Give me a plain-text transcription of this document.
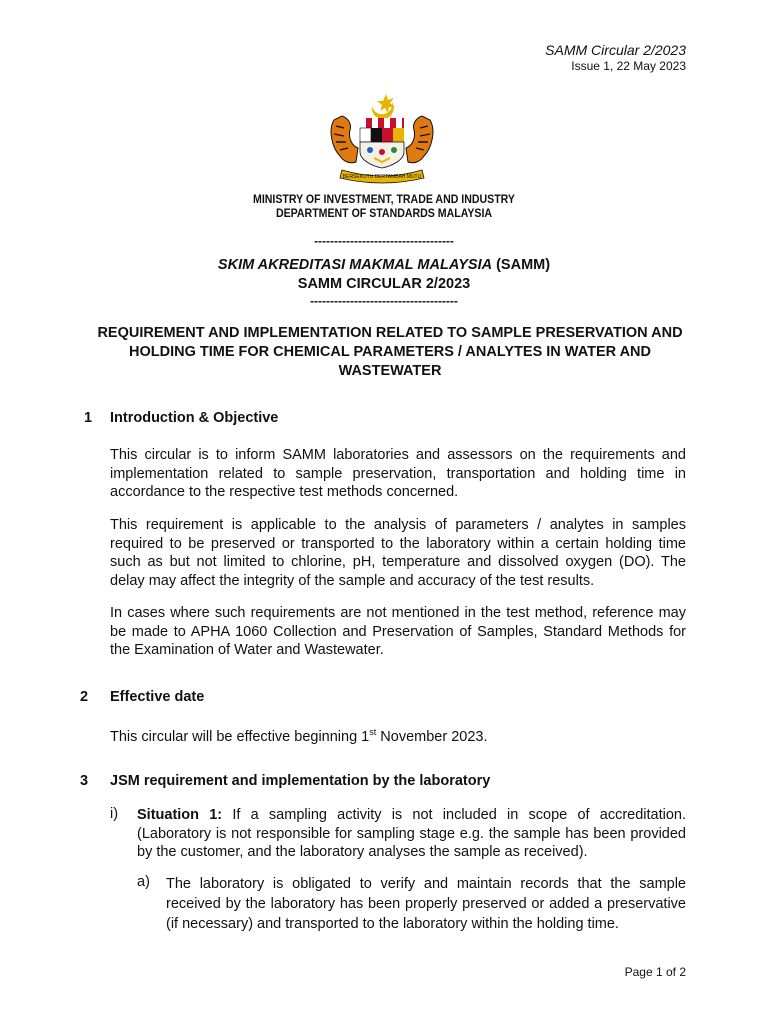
SAMM Circular 2/2023
Issue 1, 22 May 2023
BERSEKUTU BERTAMBAH MUTU
MINISTRY OF INVESTMENT, TRADE AND INDUSTRY
DEPARTMENT OF STANDARDS MALAYSIA
-----------------------------------
SKIM AKREDITASI MAKMAL MALAYSIA (SAMM)
SAMM CIRCULAR 2/2023
-------------------------------------
REQUIREMENT AND IMPLEMENTATION RELATED TO SAMPLE PRESERVATION AND HOLDING TIME FOR CHEMICAL PARAMETERS / ANALYTES IN WATER AND WASTEWATER
1 Introduction & Objective
This circular is to inform SAMM laboratories and assessors on the requirements and implementation related to sample preservation, transportation and holding time in accordance to the respective test methods concerned.
This requirement is applicable to the analysis of parameters / analytes in samples required to be preserved or transported to the laboratory within a certain holding time such as but not limited to chlorine, pH, temperature and dissolved oxygen (DO). The delay may affect the integrity of the sample and accuracy of the test results.
In cases where such requirements are not mentioned in the test method, reference may be made to APHA 1060 Collection and Preservation of Samples, Standard Methods for the Examination of Water and Wastewater.
2 Effective date
This circular will be effective beginning 1st November 2023.
3 JSM requirement and implementation by the laboratory
i) Situation 1: If a sampling activity is not included in scope of accreditation. (Laboratory is not responsible for sampling stage e.g. the sample has been provided by the customer, and the laboratory analyses the sample as received).
a) The laboratory is obligated to verify and maintain records that the sample received by the laboratory has been properly preserved or added a preservative (if necessary) and transported to the laboratory within the holding time.
Page 1 of 2
